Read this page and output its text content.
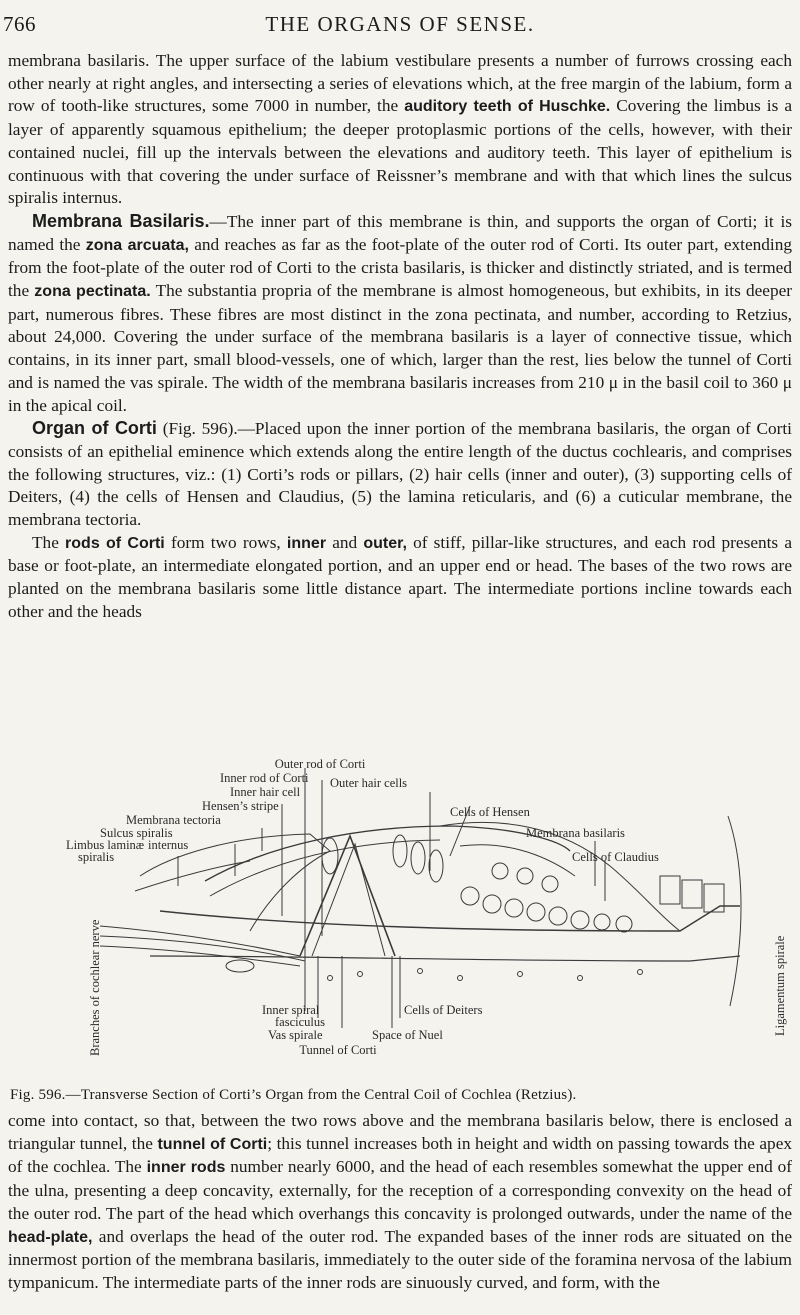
766	THE ORGANS OF SENSE.

membrana basilaris. The upper surface of the labium vestibulare presents a number of furrows crossing each other nearly at right angles, and intersecting a series of elevations which, at the free margin of the labium, form a row of tooth-like structures, some 7000 in number, the auditory teeth of Huschke. Covering the limbus is a layer of apparently squamous epithelium; the deeper protoplasmic portions of the cells, however, with their contained nuclei, fill up the intervals between the elevations and auditory teeth. This layer of epithelium is continuous with that covering the under surface of Reissner’s membrane and with that which lines the sulcus spiralis internus.

Membrana Basilaris.—The inner part of this membrane is thin, and supports the organ of Corti; it is named the zona arcuata, and reaches as far as the foot-plate of the outer rod of Corti. Its outer part, extending from the foot-plate of the outer rod of Corti to the crista basilaris, is thicker and distinctly striated, and is termed the zona pectinata. The substantia propria of the membrane is almost homogeneous, but exhibits, in its deeper part, numerous fibres. These fibres are most distinct in the zona pectinata, and number, according to Retzius, about 24,000. Covering the under surface of the membrana basilaris is a layer of connective tissue, which contains, in its inner part, small blood-vessels, one of which, larger than the rest, lies below the tunnel of Corti and is named the vas spirale. The width of the membrana basilaris increases from 210 μ in the basil coil to 360 μ in the apical coil.

Organ of Corti (Fig. 596).—Placed upon the inner portion of the membrana basilaris, the organ of Corti consists of an epithelial eminence which extends along the entire length of the ductus cochlearis, and comprises the following structures, viz.: (1) Corti’s rods or pillars, (2) hair cells (inner and outer), (3) supporting cells of Deiters, (4) the cells of Hensen and Claudius, (5) the lamina reticularis, and (6) a cuticular membrane, the membrana tectoria.

The rods of Corti form two rows, inner and outer, of stiff, pillar-like structures, and each rod presents a base or foot-plate, an intermediate elongated portion, and an upper end or head. The bases of the two rows are planted on the membrana basilaris some little distance apart. The intermediate portions incline towards each other and the heads

Outer rod of Corti
Inner rod of Corti Outer hair cells
Inner hair cell
Hensen’s stripe	Cells of Hensen
Membrana tectoria
Sulcus spiralis	Membrana basilaris
Limbus laminæ internus
spiralis	Cells of Claudius
Branches of cochlear nerve	Ligamentum spirale
Inner spiral
fasciculus
Cells of Deiters
Vas spirale	Space of Nuel
Tunnel of Corti
Fig. 596.—Transverse Section of Corti’s Organ from the Central Coil of Cochlea (Retzius).

come into contact, so that, between the two rows above and the membrana basilaris below, there is enclosed a triangular tunnel, the tunnel of Corti; this tunnel increases both in height and width on passing towards the apex of the cochlea. The inner rods number nearly 6000, and the head of each resembles somewhat the upper end of the ulna, presenting a deep concavity, externally, for the reception of a corresponding convexity on the head of the outer rod. The part of the head which overhangs this concavity is prolonged outwards, under the name of the head-plate, and overlaps the head of the outer rod. The expanded bases of the inner rods are situated on the innermost portion of the membrana basilaris, immediately to the outer side of the foramina nervosa of the labium tympanicum. The intermediate parts of the inner rods are sinuously curved, and form, with the
